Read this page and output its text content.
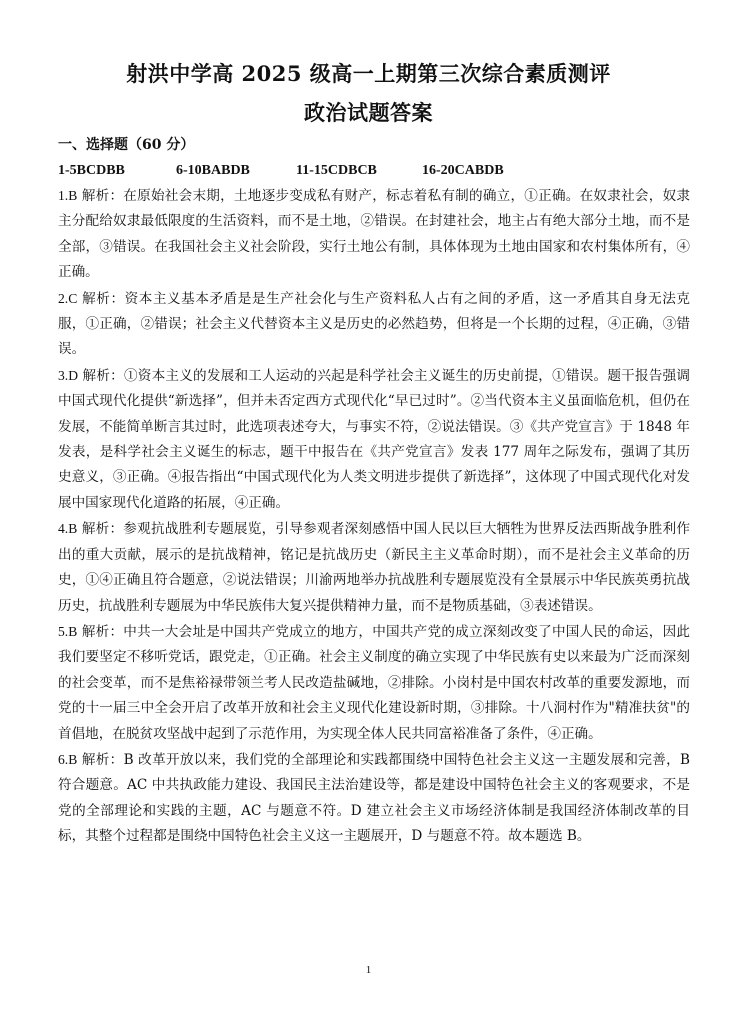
射洪中学高 2025 级高一上期第三次综合素质测评
政治试题答案
一、选择题（60 分）
1-5BCDBB	6-10BABDB	11-15CDBCB	16-20CABDB

1.B 解析：在原始社会末期，土地逐步变成私有财产，标志着私有制的确立，①正确。在奴隶社会，奴隶主分配给奴隶最低限度的生活资料，而不是土地，②错误。在封建社会，地主占有绝大部分土地，而不是全部，③错误。在我国社会主义社会阶段，实行土地公有制，具体体现为土地由国家和农村集体所有，④正确。

2.C 解析：资本主义基本矛盾是是生产社会化与生产资料私人占有之间的矛盾，这一矛盾其自身无法克服，①正确，②错误；社会主义代替资本主义是历史的必然趋势，但将是一个长期的过程，④正确，③错误。

3.D 解析：①资本主义的发展和工人运动的兴起是科学社会主义诞生的历史前提，①错误。题干报告强调中国式现代化提供“新选择”，但并未否定西方式现代化“早已过时”。②当代资本主义虽面临危机，但仍在发展，不能简单断言其过时，此选项表述夸大，与事实不符，②说法错误。③《共产党宣言》于 1848 年发表，是科学社会主义诞生的标志，题干中报告在《共产党宣言》发表 177 周年之际发布，强调了其历史意义，③正确。④报告指出“中国式现代化为人类文明进步提供了新选择”，这体现了中国式现代化对发展中国家现代化道路的拓展，④正确。

4.B 解析：参观抗战胜利专题展览，引导参观者深刻感悟中国人民以巨大牺牲为世界反法西斯战争胜利作出的重大贡献，展示的是抗战精神，铭记是抗战历史（新民主主义革命时期），而不是社会主义革命的历史，①④正确且符合题意，②说法错误；川渝两地举办抗战胜利专题展览没有全景展示中华民族英勇抗战历史，抗战胜利专题展为中华民族伟大复兴提供精神力量，而不是物质基础，③表述错误。

5.B 解析：中共一大会址是中国共产党成立的地方，中国共产党的成立深刻改变了中国人民的命运，因此我们要坚定不移听党话，跟党走，①正确。社会主义制度的确立实现了中华民族有史以来最为广泛而深刻的社会变革，而不是焦裕禄带领兰考人民改造盐碱地，②排除。小岗村是中国农村改革的重要发源地，而党的十一届三中全会开启了改革开放和社会主义现代化建设新时期，③排除。十八洞村作为"精准扶贫"的首倡地，在脱贫攻坚战中起到了示范作用，为实现全体人民共同富裕准备了条件，④正确。

6.B 解析：B 改革开放以来，我们党的全部理论和实践都围绕中国特色社会主义这一主题发展和完善，B 符合题意。AC 中共执政能力建设、我国民主法治建设等，都是建设中国特色社会主义的客观要求，不是党的全部理论和实践的主题，AC 与题意不符。D 建立社会主义市场经济体制是我国经济体制改革的目标，其整个过程都是围绕中国特色社会主义这一主题展开，D 与题意不符。故本题选 B。

1
